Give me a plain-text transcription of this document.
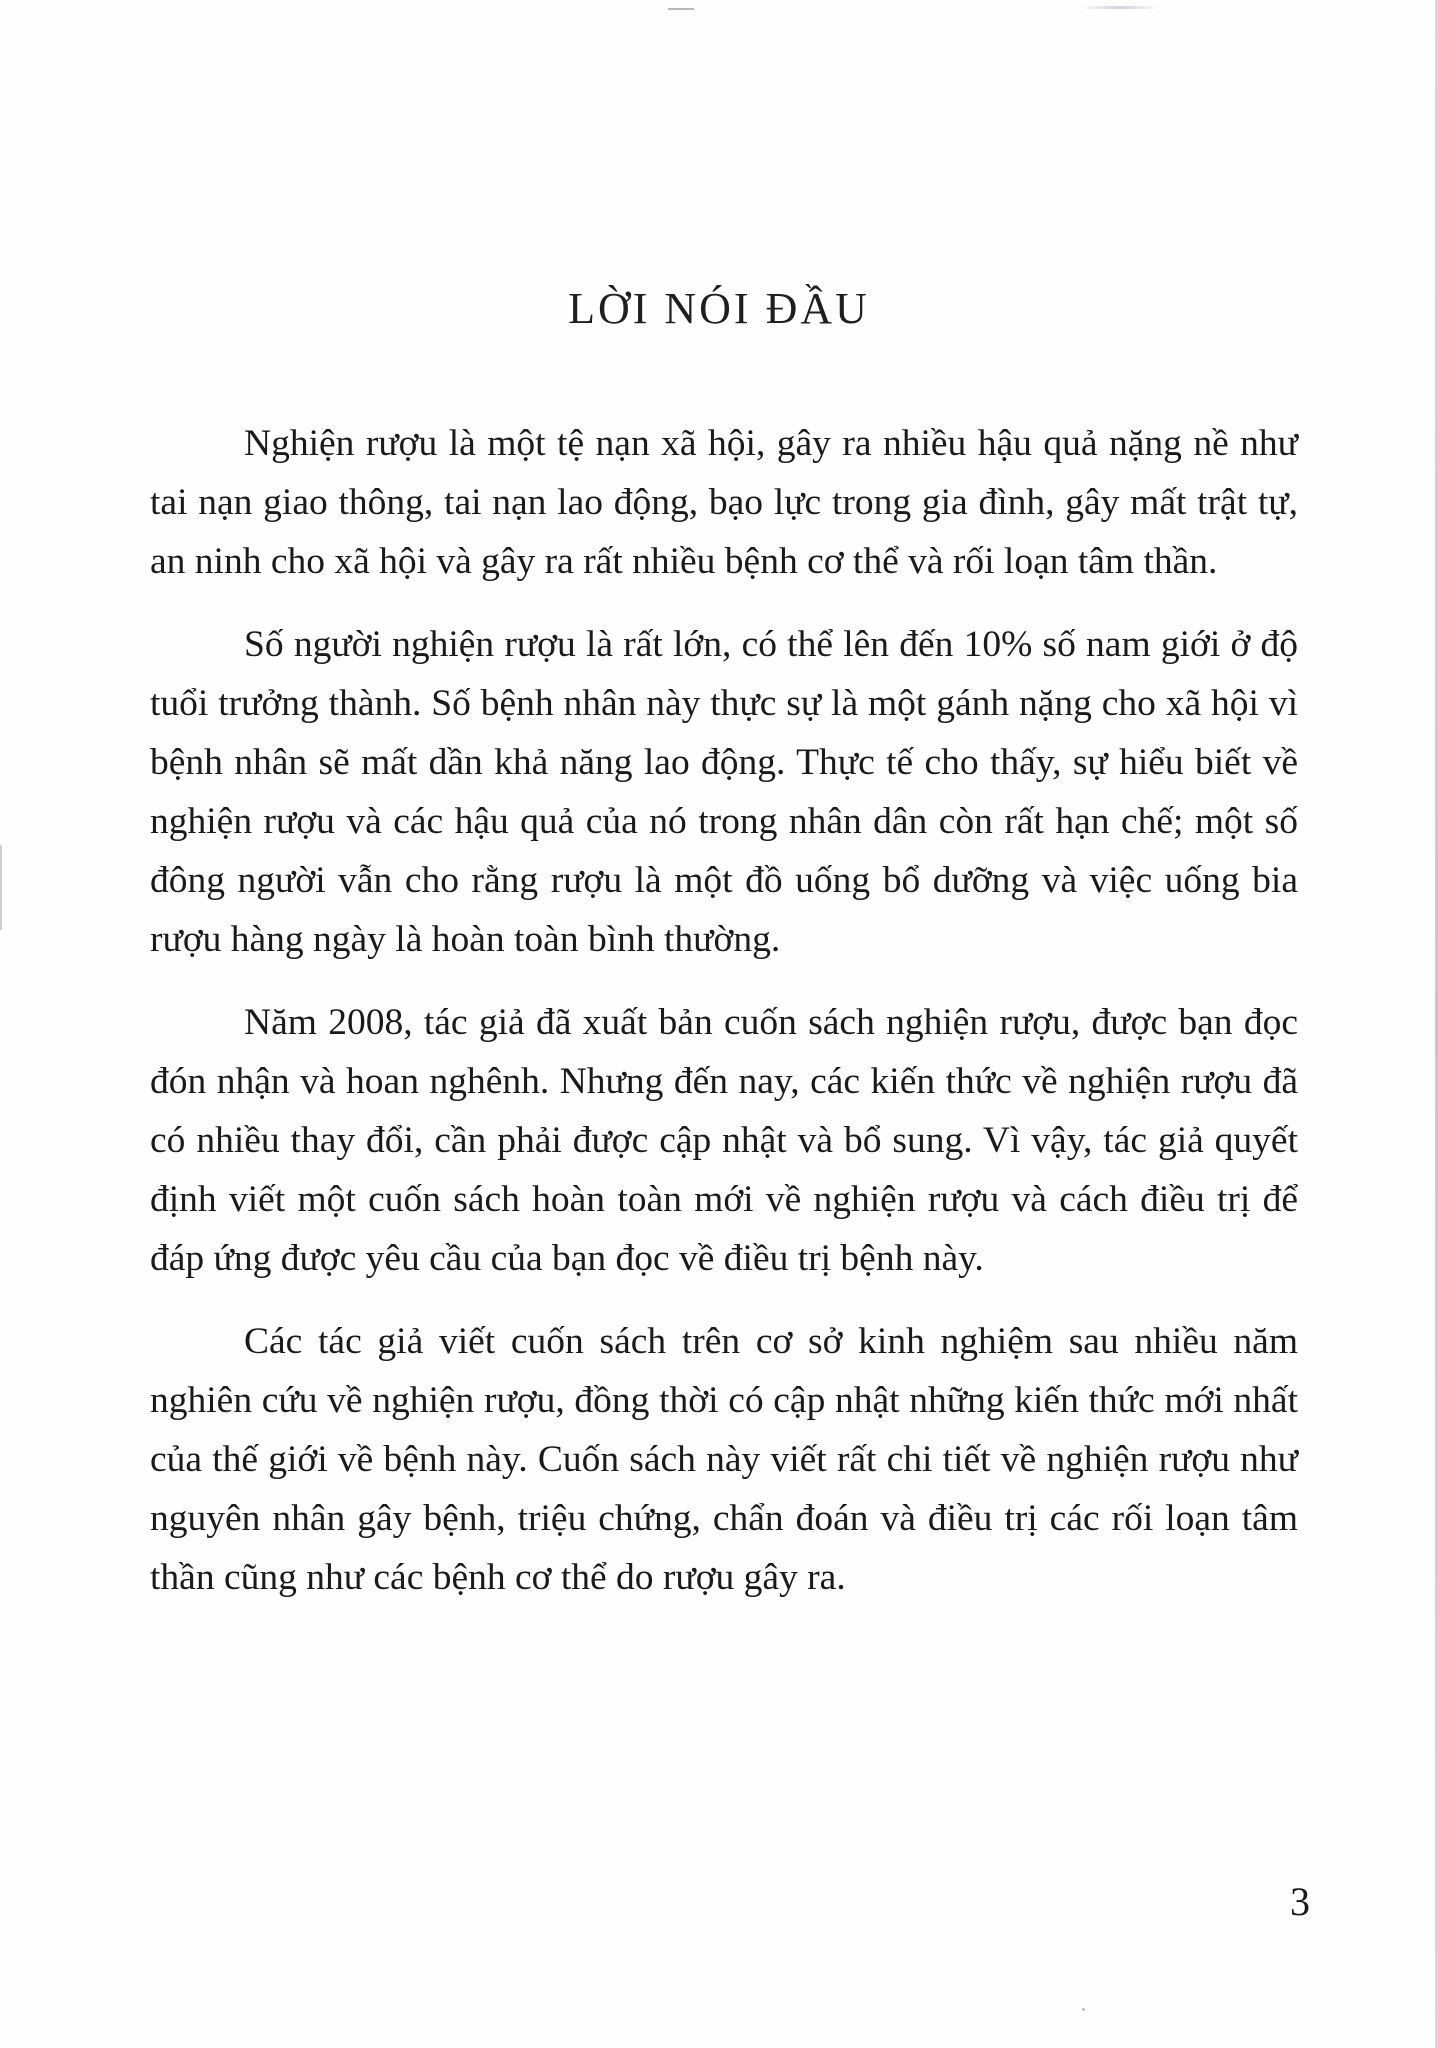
LỜI NÓI ĐẦU

Nghiện rượu là một tệ nạn xã hội, gây ra nhiều hậu quả nặng nề như tai nạn giao thông, tai nạn lao động, bạo lực trong gia đình, gây mất trật tự, an ninh cho xã hội và gây ra rất nhiều bệnh cơ thể và rối loạn tâm thần.

Số người nghiện rượu là rất lớn, có thể lên đến 10% số nam giới ở độ tuổi trưởng thành. Số bệnh nhân này thực sự là một gánh nặng cho xã hội vì bệnh nhân sẽ mất dần khả năng lao động. Thực tế cho thấy, sự hiểu biết về nghiện rượu và các hậu quả của nó trong nhân dân còn rất hạn chế; một số đông người vẫn cho rằng rượu là một đồ uống bổ dưỡng và việc uống bia rượu hàng ngày là hoàn toàn bình thường.

Năm 2008, tác giả đã xuất bản cuốn sách nghiện rượu, được bạn đọc đón nhận và hoan nghênh. Nhưng đến nay, các kiến thức về nghiện rượu đã có nhiều thay đổi, cần phải được cập nhật và bổ sung. Vì vậy, tác giả quyết định viết một cuốn sách hoàn toàn mới về nghiện rượu và cách điều trị để đáp ứng được yêu cầu của bạn đọc về điều trị bệnh này.

Các tác giả viết cuốn sách trên cơ sở kinh nghiệm sau nhiều năm nghiên cứu về nghiện rượu, đồng thời có cập nhật những kiến thức mới nhất của thế giới về bệnh này. Cuốn sách này viết rất chi tiết về nghiện rượu như nguyên nhân gây bệnh, triệu chứng, chẩn đoán và điều trị các rối loạn tâm thần cũng như các bệnh cơ thể do rượu gây ra.

3
